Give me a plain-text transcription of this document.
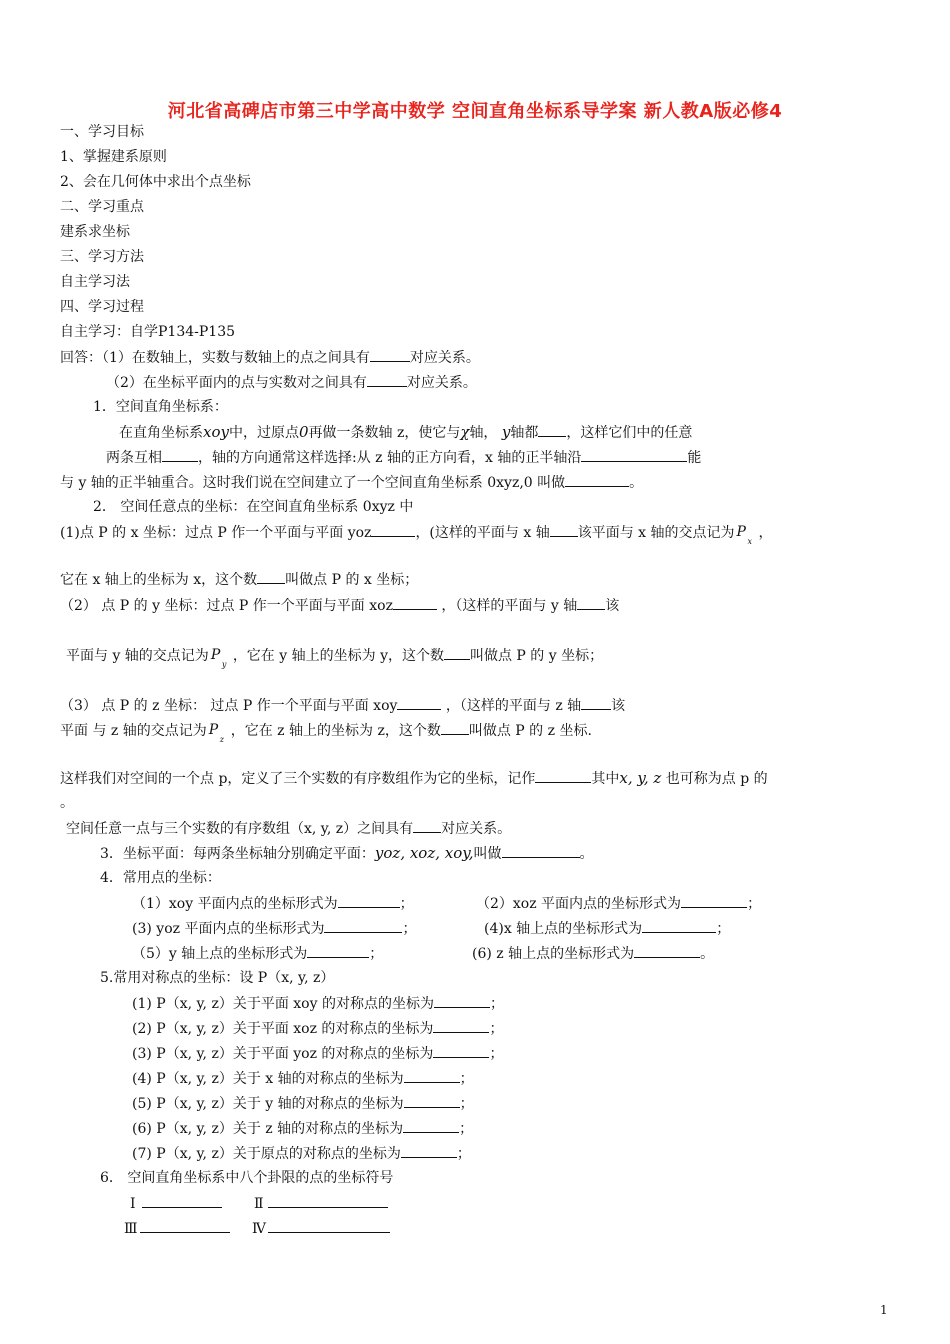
河北省高碑店市第三中学高中数学 空间直角坐标系导学案 新人教A版必修4
一、学习目标
1、掌握建系原则
2、会在几何体中求出个点坐标
二、学习重点
建系求坐标
三、学习方法
自主学习法
四、学习过程
自主学习：自学P134-P135
回答：（1）在数轴上，实数与数轴上的点之间具有	对应关系。
（2）在坐标平面内的点与实数对之间具有	对应关系。
1．空间直角坐标系：
在直角坐标系xoy中，过原点0再做一条数轴 z，使它与χ轴， y轴都 ，这样它们中的任意
两条互相	，轴的方向通常这样选择:从 z 轴的正方向看，x 轴的正半轴沿	能
与 y 轴的正半轴重合。这时我们说在空间建立了一个空间直角坐标系 0xyz,0 叫做	。
2． 空间任意点的坐标：在空间直角坐标系 0xyz 中
(1)点 P 的 x 坐标：过点 P 作一个平面与平面 yoz	，(这样的平面与 x 轴 该平面与 x 轴的交点记为 P
x
，
它在 x 轴上的坐标为 x，这个数 叫做点 P 的 x 坐标；
（2） 点 P 的 y 坐标：过点 P 作一个平面与平面 xoz	，（这样的平面与 y 轴 该
平面与 y 轴的交点记为 P
y
，它在 y 轴上的坐标为 y，这个数 叫做点 P 的 y 坐标；
（3） 点 P 的 z 坐标： 过点 P 作一个平面与平面 xoy	，（这样的平面与 z 轴 该
平面 与 z 轴的交点记为 P
z
，它在 z 轴上的坐标为 z，这个数 叫做点 P 的 z 坐标.
这样我们对空间的一个点 p，定义了三个实数的有序数组作为它的坐标，记作	其中x, y, z 也可称为点 p 的
。
空间任意一点与三个实数的有序数组（x, y, z）之间具有 对应关系。
3．坐标平面：每两条坐标轴分别确定平面：yoz, xoz, xoy,叫做	。
4．常用点的坐标：
（1）xoy 平面内点的坐标形式为	；	（2）xoz 平面内点的坐标形式为	；
(3) yoz 平面内点的坐标形式为	；	(4)x 轴上点的坐标形式为	；
（5）y 轴上点的坐标形式为	；	(6) z 轴上点的坐标形式为	。
5.常用对称点的坐标：设 P（x, y, z）
(1) P（x, y, z）关于平面 xoy 的对称点的坐标为	；
(2) P（x, y, z）关于平面 xoz 的对称点的坐标为	；
(3) P（x, y, z）关于平面 yoz 的对称点的坐标为	；
(4) P（x, y, z）关于 x 轴的对称点的坐标为	；
(5) P（x, y, z）关于 y 轴的对称点的坐标为	；
(6) P（x, y, z）关于 z 轴的对称点的坐标为	；
(7) P（x, y, z）关于原点的对称点的坐标为	；
6． 空间直角坐标系中八个卦限的点的坐标符号
Ⅰ	Ⅱ
Ⅲ	Ⅳ
1
